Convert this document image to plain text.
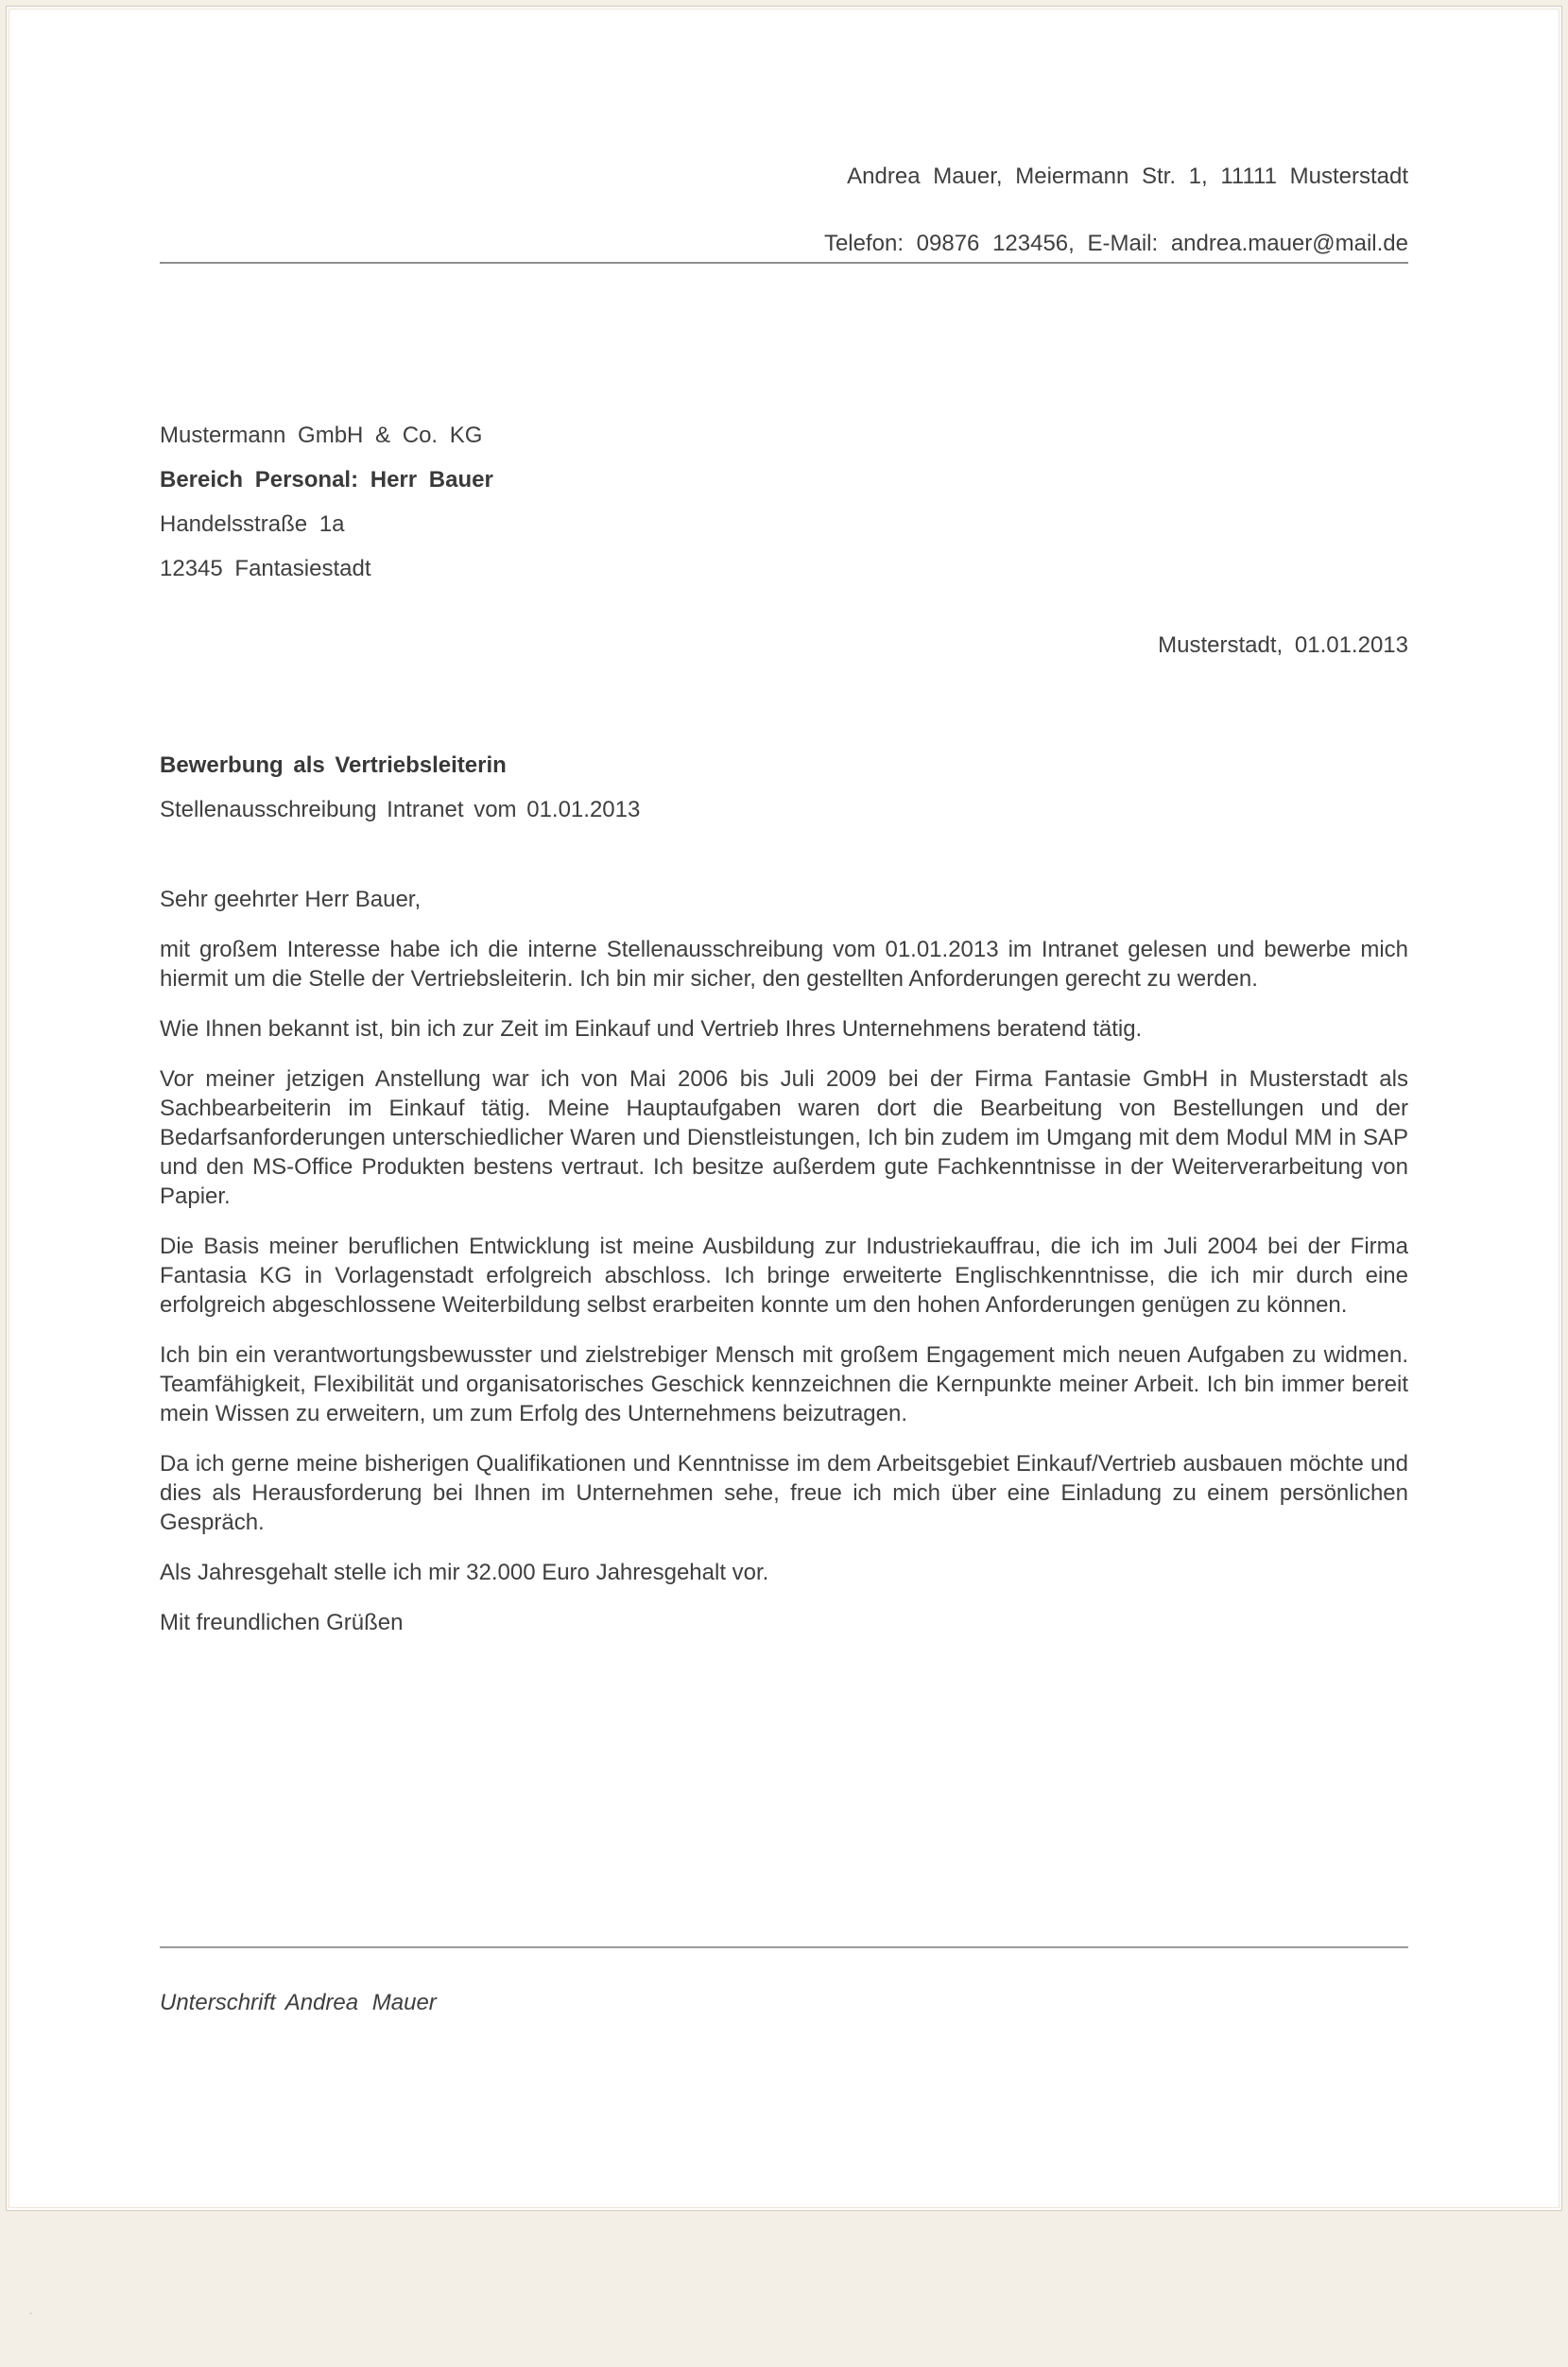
Andrea Mauer, Meiermann Str. 1, 11111 Musterstadt
Telefon: 09876 123456, E-Mail: andrea.mauer@mail.de
Mustermann GmbH & Co. KG
Bereich Personal: Herr Bauer
Handelsstraße 1a
12345 Fantasiestadt
Musterstadt, 01.01.2013
Bewerbung als Vertriebsleiterin
Stellenausschreibung Intranet vom 01.01.2013
Sehr geehrter Herr Bauer,

mit großem Interesse habe ich die interne Stellenausschreibung vom 01.01.2013 im Intranet gelesen und bewerbe mich hiermit um die Stelle der Vertriebsleiterin. Ich bin mir sicher, den gestellten Anforderungen gerecht zu werden.

Wie Ihnen bekannt ist, bin ich zur Zeit im Einkauf und Vertrieb Ihres Unternehmens beratend tätig.

Vor meiner jetzigen Anstellung war ich von Mai 2006 bis Juli 2009 bei der Firma Fantasie GmbH in Musterstadt als Sachbearbeiterin im Einkauf tätig. Meine Hauptaufgaben waren dort die Bearbeitung von Bestellungen und der Bedarfsanforderungen unterschiedlicher Waren und Dienstleistungen, Ich bin zudem im Umgang mit dem Modul MM in SAP und den MS-Office Produkten bestens vertraut. Ich besitze außerdem gute Fachkenntnisse in der Weiterverarbeitung von Papier.

Die Basis meiner beruflichen Entwicklung ist meine Ausbildung zur Industriekauffrau, die ich im Juli 2004 bei der Firma Fantasia KG in Vorlagenstadt erfolgreich abschloss. Ich bringe erweiterte Englischkenntnisse, die ich mir durch eine erfolgreich abgeschlossene Weiterbildung selbst erarbeiten konnte um den hohen Anforderungen genügen zu können.

Ich bin ein verantwortungsbewusster und zielstrebiger Mensch mit großem Engagement mich neuen Aufgaben zu widmen. Teamfähigkeit, Flexibilität und organisatorisches Geschick kennzeichnen die Kernpunkte meiner Arbeit. Ich bin immer bereit mein Wissen zu erweitern, um zum Erfolg des Unternehmens beizutragen.

Da ich gerne meine bisherigen Qualifikationen und Kenntnisse im dem Arbeitsgebiet Einkauf/Vertrieb ausbauen möchte und dies als Herausforderung bei Ihnen im Unternehmen sehe, freue ich mich über eine Einladung zu einem persönlichen Gespräch.

Als Jahresgehalt stelle ich mir 32.000 Euro Jahresgehalt vor.

Mit freundlichen Grüßen

Unterschrift Andrea Mauer
.
